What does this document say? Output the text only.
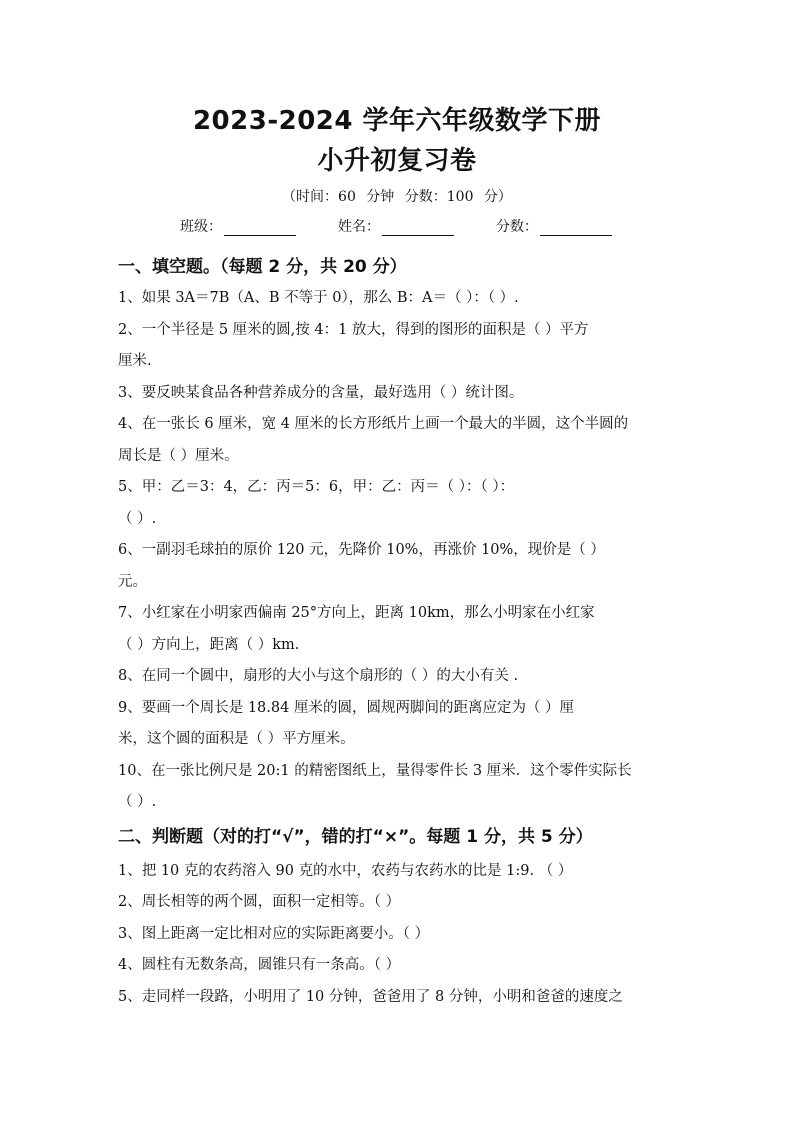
2023-2024 学年六年级数学下册
小升初复习卷
（时间：60 分钟 分数：100 分）
班级：	姓名：	分数：
一、填空题。（每题 2 分，共 20 分）
1、如果 3A＝7B（A、B 不等于 0），那么 B：A＝（ ）：（ ）.
2、一个半径是 5 厘米的圆,按 4：1 放大，得到的图形的面积是（ ）平方
厘米.
3、要反映某食品各种营养成分的含量，最好选用（ ）统计图。
4、在一张长 6 厘米，宽 4 厘米的长方形纸片上画一个最大的半圆，这个半圆的
周长是（ ）厘米。
5、甲：乙＝3：4，乙：丙＝5：6，甲：乙：丙＝（ ）：（ ）：
（ ）.
6、一副羽毛球拍的原价 120 元，先降价 10%，再涨价 10%，现价是（ ）
元。
7、小红家在小明家西偏南 25°方向上，距离 10km，那么小明家在小红家
（ ）方向上，距离（ ）km.
8、在同一个圆中，扇形的大小与这个扇形的（ ）的大小有关 .
9、要画一个周长是 18.84 厘米的圆，圆规两脚间的距离应定为（ ）厘
米，这个圆的面积是（ ）平方厘米。
10、在一张比例尺是 20:1 的精密图纸上，量得零件长 3 厘米．这个零件实际长
（ ）.
二、判断题（对的打“√”，错的打“×”。每题 1 分，共 5 分）
1、把 10 克的农药溶入 90 克的水中，农药与农药水的比是 1:9. （ ）
2、周长相等的两个圆，面积一定相等。（ ）
3、图上距离一定比相对应的实际距离要小。（ ）
4、圆柱有无数条高，圆锥只有一条高。（ ）
5、走同样一段路，小明用了 10 分钟，爸爸用了 8 分钟，小明和爸爸的速度之
